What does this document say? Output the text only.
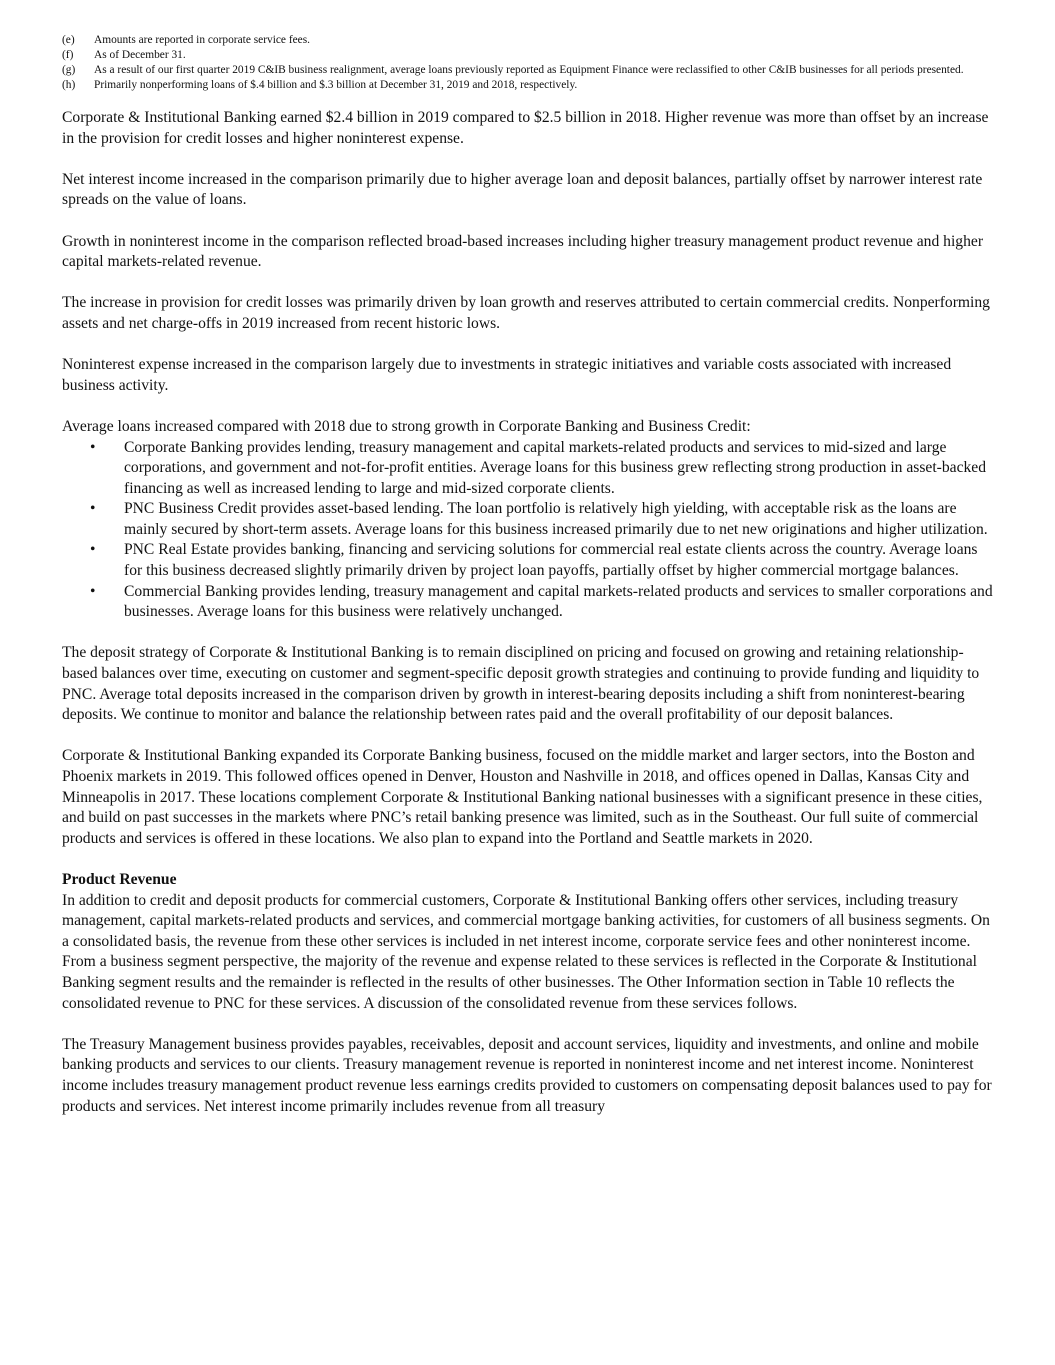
(e)	Amounts are reported in corporate service fees.
(f)	As of December 31.
(g)	As a result of our first quarter 2019 C&IB business realignment, average loans previously reported as Equipment Finance were reclassified to other C&IB businesses for all periods presented.
(h)	Primarily nonperforming loans of $.4 billion and $.3 billion at December 31, 2019 and 2018, respectively.

Corporate & Institutional Banking earned $2.4 billion in 2019 compared to $2.5 billion in 2018. Higher revenue was more than offset by an increase in the provision for credit losses and higher noninterest expense.

Net interest income increased in the comparison primarily due to higher average loan and deposit balances, partially offset by narrower interest rate spreads on the value of loans.

Growth in noninterest income in the comparison reflected broad-based increases including higher treasury management product revenue and higher capital markets-related revenue.

The increase in provision for credit losses was primarily driven by loan growth and reserves attributed to certain commercial credits. Nonperforming assets and net charge-offs in 2019 increased from recent historic lows.

Noninterest expense increased in the comparison largely due to investments in strategic initiatives and variable costs associated with increased business activity.

Average loans increased compared with 2018 due to strong growth in Corporate Banking and Business Credit:

•	Corporate Banking provides lending, treasury management and capital markets-related products and services to mid-sized and large corporations, and government and not-for-profit entities. Average loans for this business grew reflecting strong production in asset-backed financing as well as increased lending to large and mid-sized corporate clients.
•	PNC Business Credit provides asset-based lending. The loan portfolio is relatively high yielding, with acceptable risk as the loans are mainly secured by short-term assets. Average loans for this business increased primarily due to net new originations and higher utilization.
•	PNC Real Estate provides banking, financing and servicing solutions for commercial real estate clients across the country. Average loans for this business decreased slightly primarily driven by project loan payoffs, partially offset by higher commercial mortgage balances.
•	Commercial Banking provides lending, treasury management and capital markets-related products and services to smaller corporations and businesses. Average loans for this business were relatively unchanged.

The deposit strategy of Corporate & Institutional Banking is to remain disciplined on pricing and focused on growing and retaining relationship-based balances over time, executing on customer and segment-specific deposit growth strategies and continuing to provide funding and liquidity to PNC. Average total deposits increased in the comparison driven by growth in interest-bearing deposits including a shift from noninterest-bearing deposits. We continue to monitor and balance the relationship between rates paid and the overall profitability of our deposit balances.

Corporate & Institutional Banking expanded its Corporate Banking business, focused on the middle market and larger sectors, into the Boston and Phoenix markets in 2019. This followed offices opened in Denver, Houston and Nashville in 2018, and offices opened in Dallas, Kansas City and Minneapolis in 2017. These locations complement Corporate & Institutional Banking national businesses with a significant presence in these cities, and build on past successes in the markets where PNC’s retail banking presence was limited, such as in the Southeast. Our full suite of commercial products and services is offered in these locations. We also plan to expand into the Portland and Seattle markets in 2020.

Product Revenue

In addition to credit and deposit products for commercial customers, Corporate & Institutional Banking offers other services, including treasury management, capital markets-related products and services, and commercial mortgage banking activities, for customers of all business segments. On a consolidated basis, the revenue from these other services is included in net interest income, corporate service fees and other noninterest income. From a business segment perspective, the majority of the revenue and expense related to these services is reflected in the Corporate & Institutional Banking segment results and the remainder is reflected in the results of other businesses. The Other Information section in Table 10 reflects the consolidated revenue to PNC for these services. A discussion of the consolidated revenue from these services follows.

The Treasury Management business provides payables, receivables, deposit and account services, liquidity and investments, and online and mobile banking products and services to our clients. Treasury management revenue is reported in noninterest income and net interest income. Noninterest income includes treasury management product revenue less earnings credits provided to customers on compensating deposit balances used to pay for products and services. Net interest income primarily includes revenue from all treasury
